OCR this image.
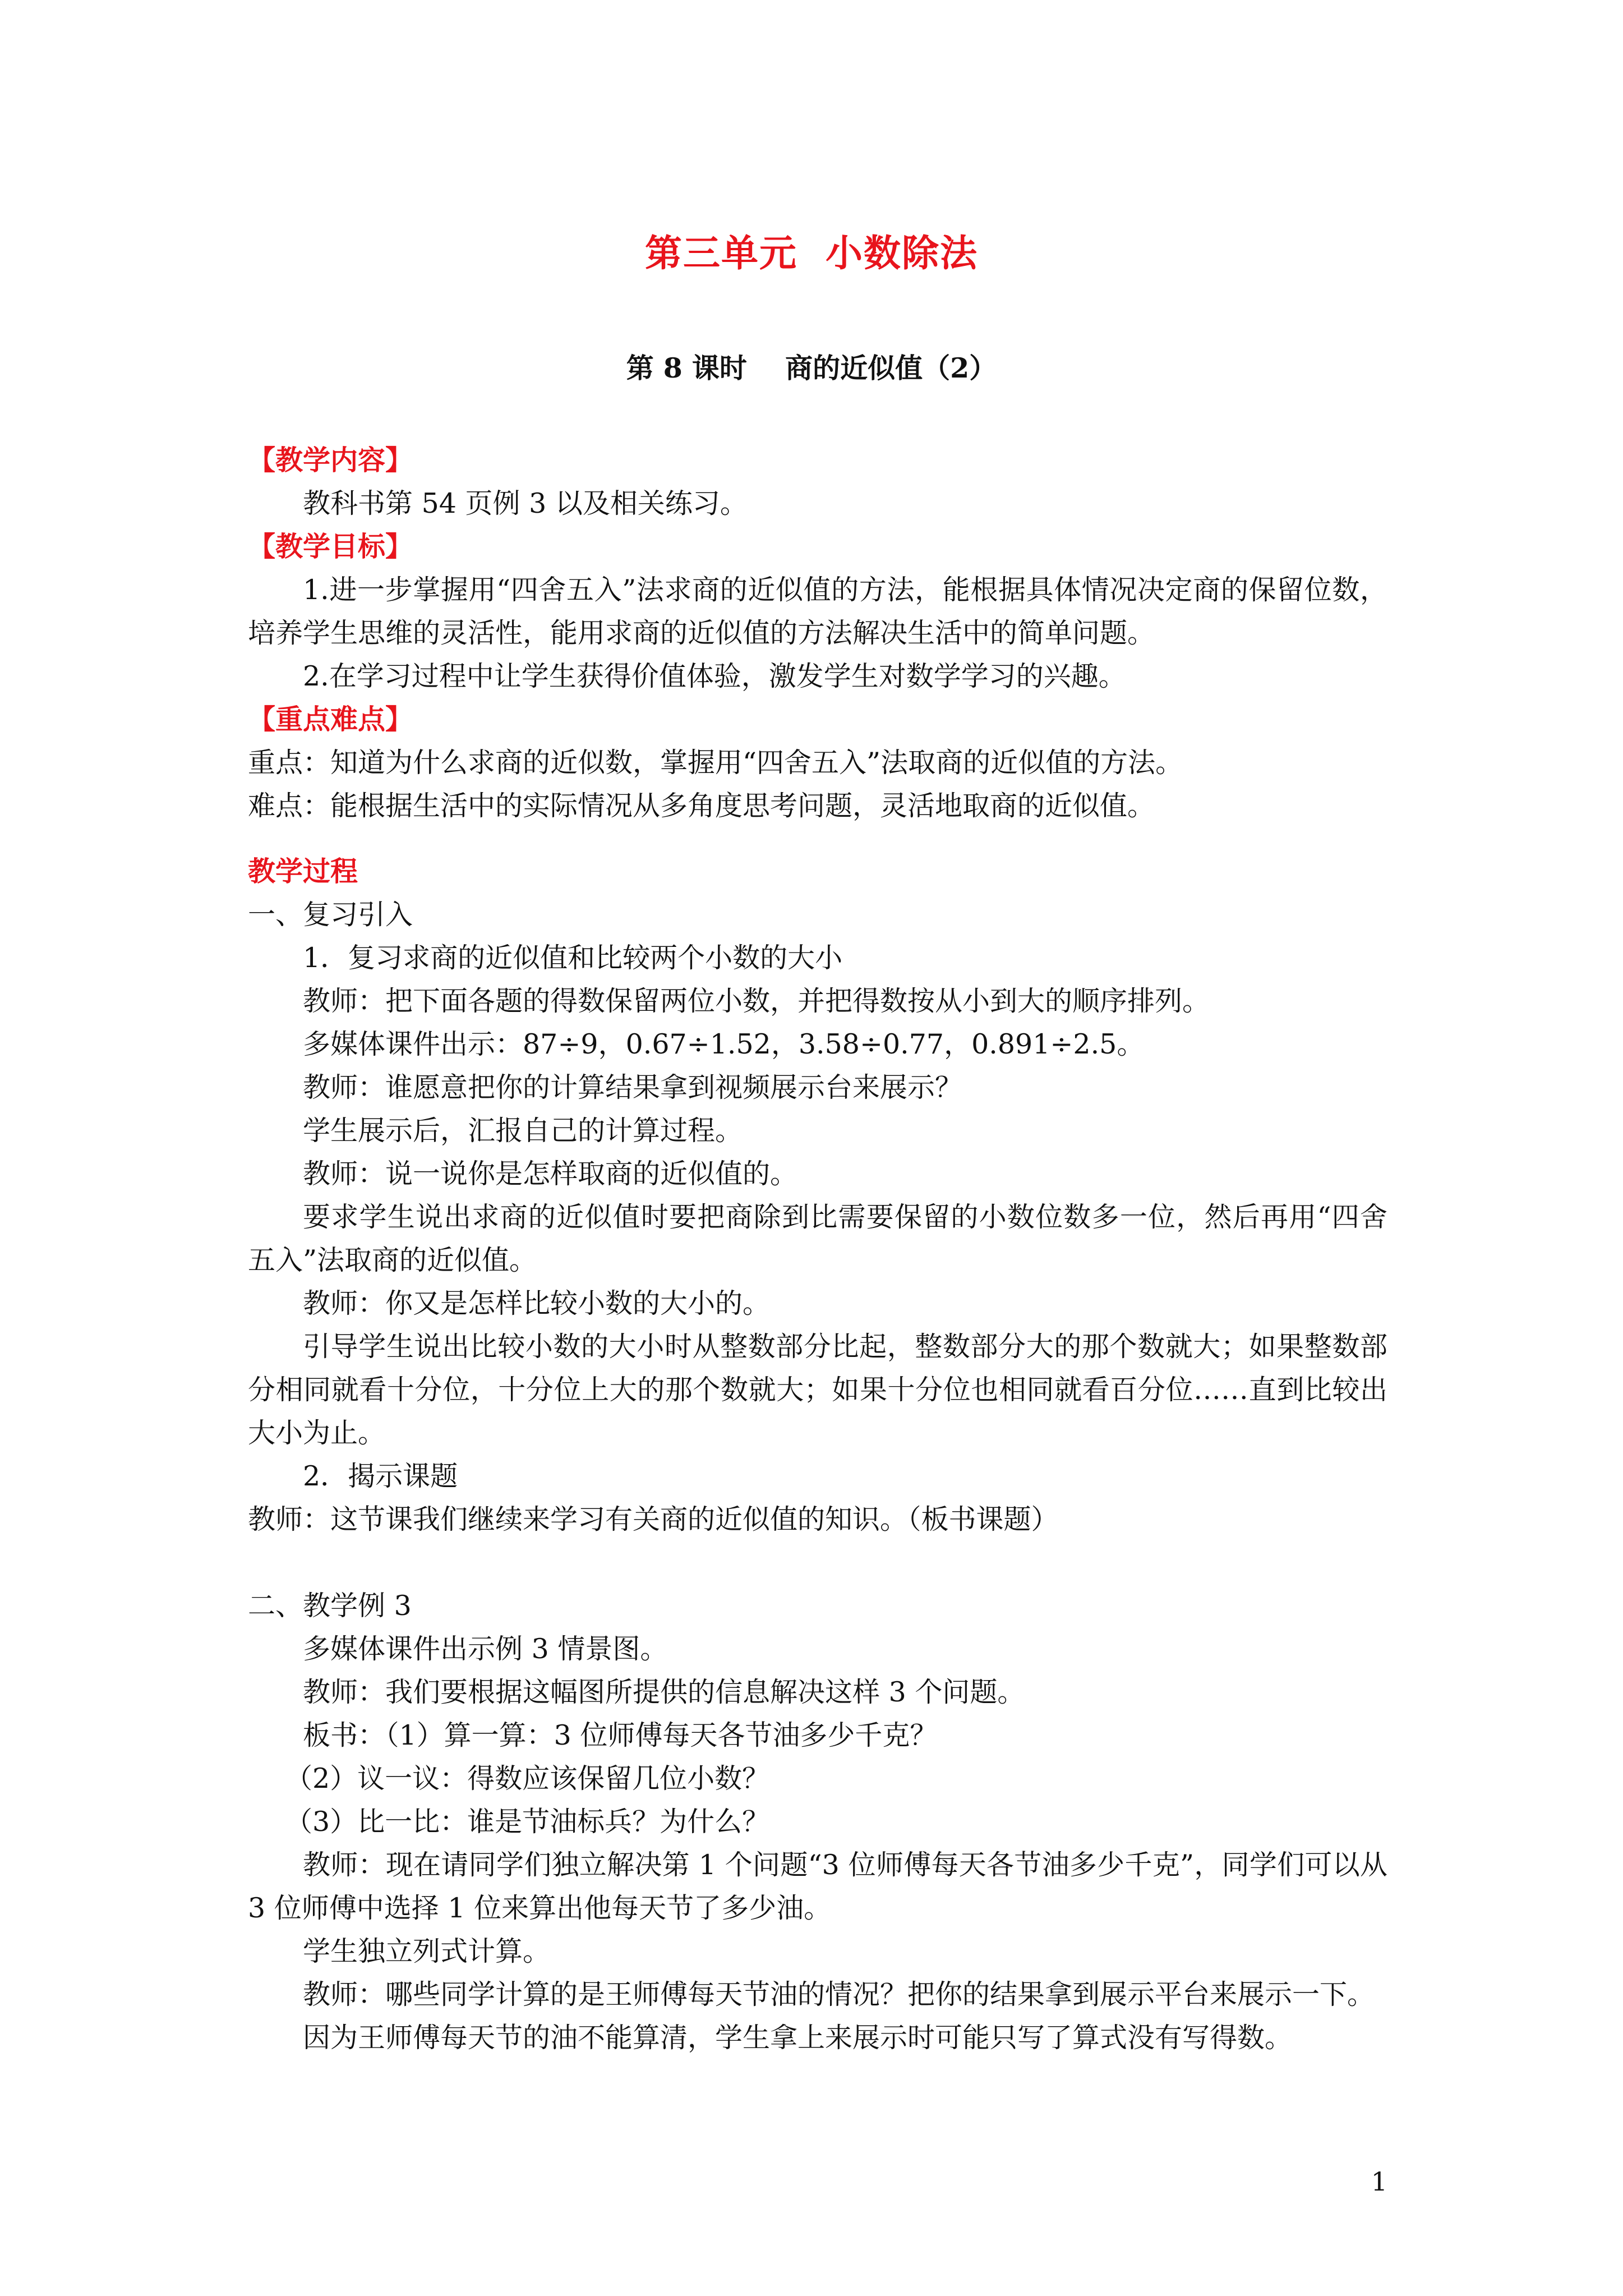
第三单元  小数除法
第 8 课时    商的近似值（2）
【教学内容】
教科书第 54 页例 3 以及相关练习。
【教学目标】
1.进一步掌握用“四舍五入”法求商的近似值的方法，能根据具体情况决定商的保留位数，培养学生思维的灵活性，能用求商的近似值的方法解决生活中的简单问题。
2.在学习过程中让学生获得价值体验，激发学生对数学学习的兴趣。
【重点难点】
重点：知道为什么求商的近似数，掌握用“四舍五入”法取商的近似值的方法。
难点：能根据生活中的实际情况从多角度思考问题，灵活地取商的近似值。
教学过程
一、复习引入
1．复习求商的近似值和比较两个小数的大小
教师：把下面各题的得数保留两位小数，并把得数按从小到大的顺序排列。
多媒体课件出示：87÷9，0.67÷1.52，3.58÷0.77，0.891÷2.5。
教师：谁愿意把你的计算结果拿到视频展示台来展示？
学生展示后，汇报自己的计算过程。
教师：说一说你是怎样取商的近似值的。
要求学生说出求商的近似值时要把商除到比需要保留的小数位数多一位，然后再用“四舍五入”法取商的近似值。
教师：你又是怎样比较小数的大小的。
引导学生说出比较小数的大小时从整数部分比起，整数部分大的那个数就大；如果整数部分相同就看十分位，十分位上大的那个数就大；如果十分位也相同就看百分位……直到比较出大小为止。
2．揭示课题
教师：这节课我们继续来学习有关商的近似值的知识。（板书课题）
二、教学例 3
多媒体课件出示例 3 情景图。
教师：我们要根据这幅图所提供的信息解决这样 3 个问题。
板书：（1）算一算：3 位师傅每天各节油多少千克？
（2）议一议：得数应该保留几位小数？
（3）比一比：谁是节油标兵？为什么？
教师：现在请同学们独立解决第 1 个问题“3 位师傅每天各节油多少千克”，同学们可以从 3 位师傅中选择 1 位来算出他每天节了多少油。
学生独立列式计算。
教师：哪些同学计算的是王师傅每天节油的情况？把你的结果拿到展示平台来展示一下。
因为王师傅每天节的油不能算清，学生拿上来展示时可能只写了算式没有写得数。
1
